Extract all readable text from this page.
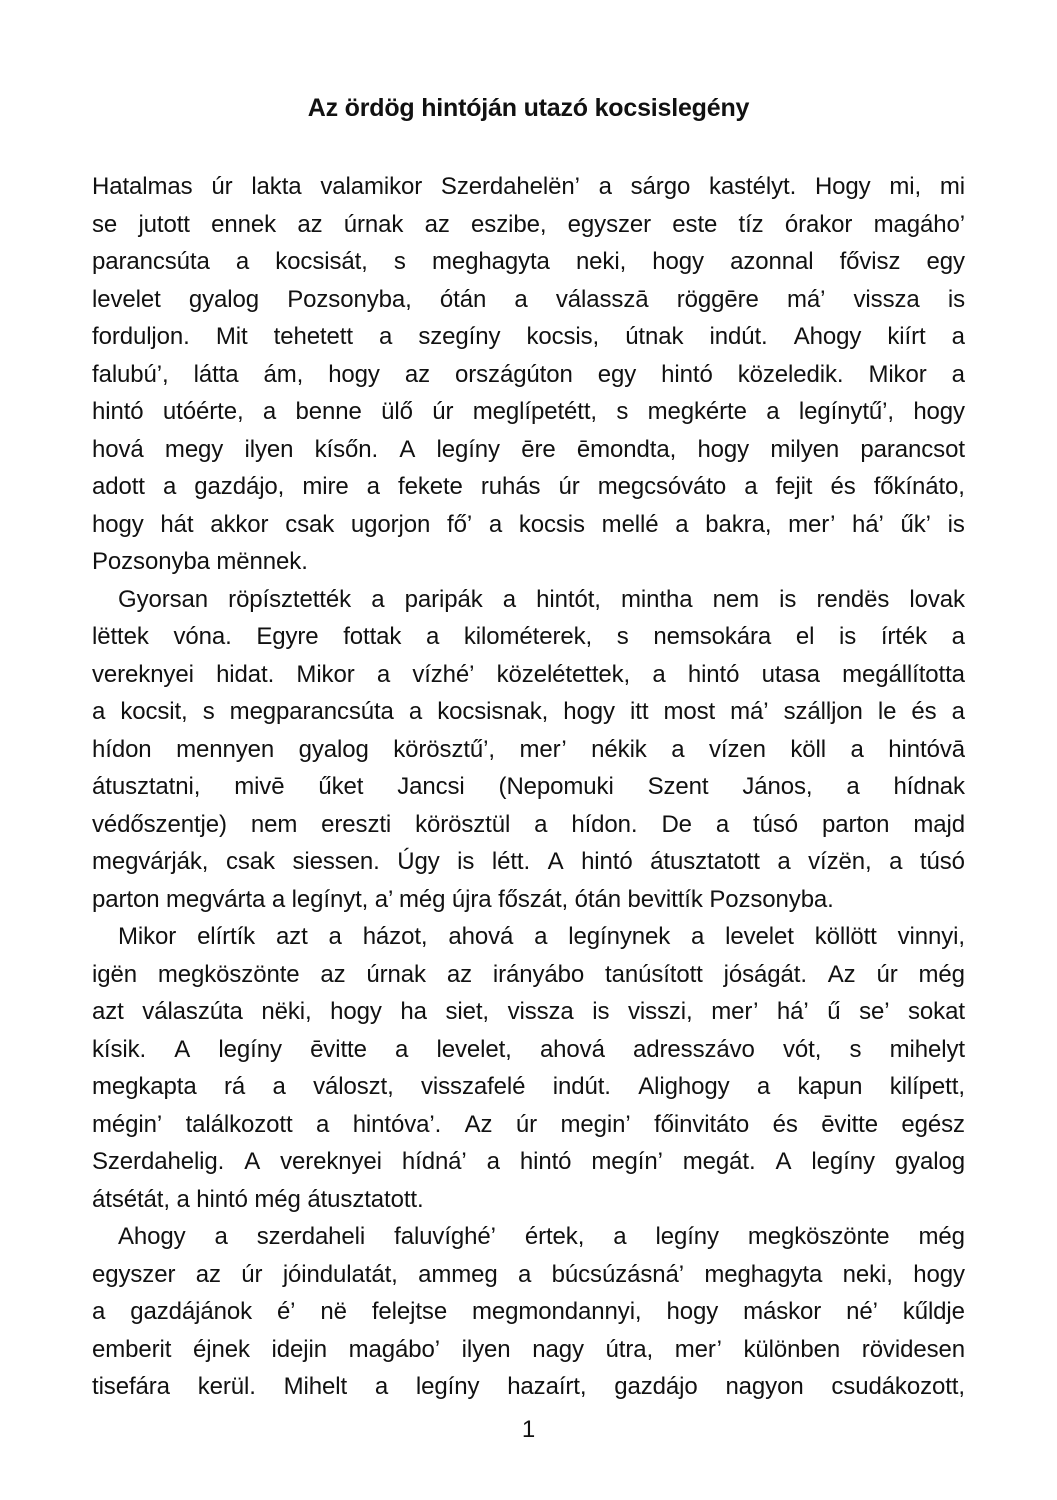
Az ördög hintóján utazó kocsislegény
Hatalmas úr lakta valamikor Szerdahelën’ a sárgo kastélyt. Hogy mi, mi
se jutott ennek az úrnak az eszibe, egyszer este tíz órakor magáho’
parancsúta a kocsisát, s meghagyta neki, hogy azonnal fővisz egy
levelet gyalog Pozsonyba, ótán a válasszā röggēre má’ vissza is
forduljon. Mit tehetett a szegíny kocsis, útnak indút. Ahogy kiírt a
falubú’, látta ám, hogy az országúton egy hintó közeledik. Mikor a
hintó utóérte, a benne ülő úr meglípetétt, s megkérte a legínytű’, hogy
hová megy ilyen kísőn. A legíny ēre ēmondta, hogy milyen parancsot
adott a gazdájo, mire a fekete ruhás úr megcsóváto a fejit és főkínáto,
hogy hát akkor csak ugorjon fő’ a kocsis mellé a bakra, mer’ há’ űk’ is
Pozsonyba mënnek.
Gyorsan röpísztették a paripák a hintót, mintha nem is rendës lovak
lëttek vóna. Egyre fottak a kilométerek, s nemsokára el is írték a
vereknyei hidat. Mikor a vízhé’ közelétettek, a hintó utasa megállította
a kocsit, s megparancsúta a kocsisnak, hogy itt most má’ szálljon le és a
hídon mennyen gyalog körösztű’, mer’ nékik a vízen köll a hintóvā
átusztatni, mivē űket Jancsi (Nepomuki Szent János, a hídnak
védőszentje) nem ereszti körösztül a hídon. De a túsó parton majd
megvárják, csak siessen. Úgy is létt. A hintó átusztatott a vízën, a túsó
parton megvárta a legínyt, a’ még újra főszát, ótán bevittík Pozsonyba.
Mikor elírtík azt a házot, ahová a legínynek a levelet köllött vinnyi,
igën megköszönte az úrnak az irányábo tanúsított jóságát. Az úr még
azt válaszúta nëki, hogy ha siet, vissza is visszi, mer’ há’ ű se’ sokat
kísik. A legíny ēvitte a levelet, ahová adresszávo vót, s mihelyt
megkapta rá a váloszt, visszafelé indút. Alighogy a kapun kilípett,
mégin’ találkozott a hintóva’. Az úr megin’ főinvitáto és ēvitte egész
Szerdahelig. A vereknyei hídná’ a hintó megín’ megát. A legíny gyalog
átsétát, a hintó még átusztatott.
Ahogy a szerdaheli faluvíghé’ értek, a legíny megköszönte még
egyszer az úr jóindulatát, ammeg a búcsúzásná’ meghagyta neki, hogy
a gazdájánok é’ në felejtse megmondannyi, hogy máskor né’ kűldje
emberit éjnek idejin magábo’ ilyen nagy útra, mer’ különben rövidesen
tisefára kerül. Mihelt a legíny hazaírt, gazdájo nagyon csudákozott,
1
